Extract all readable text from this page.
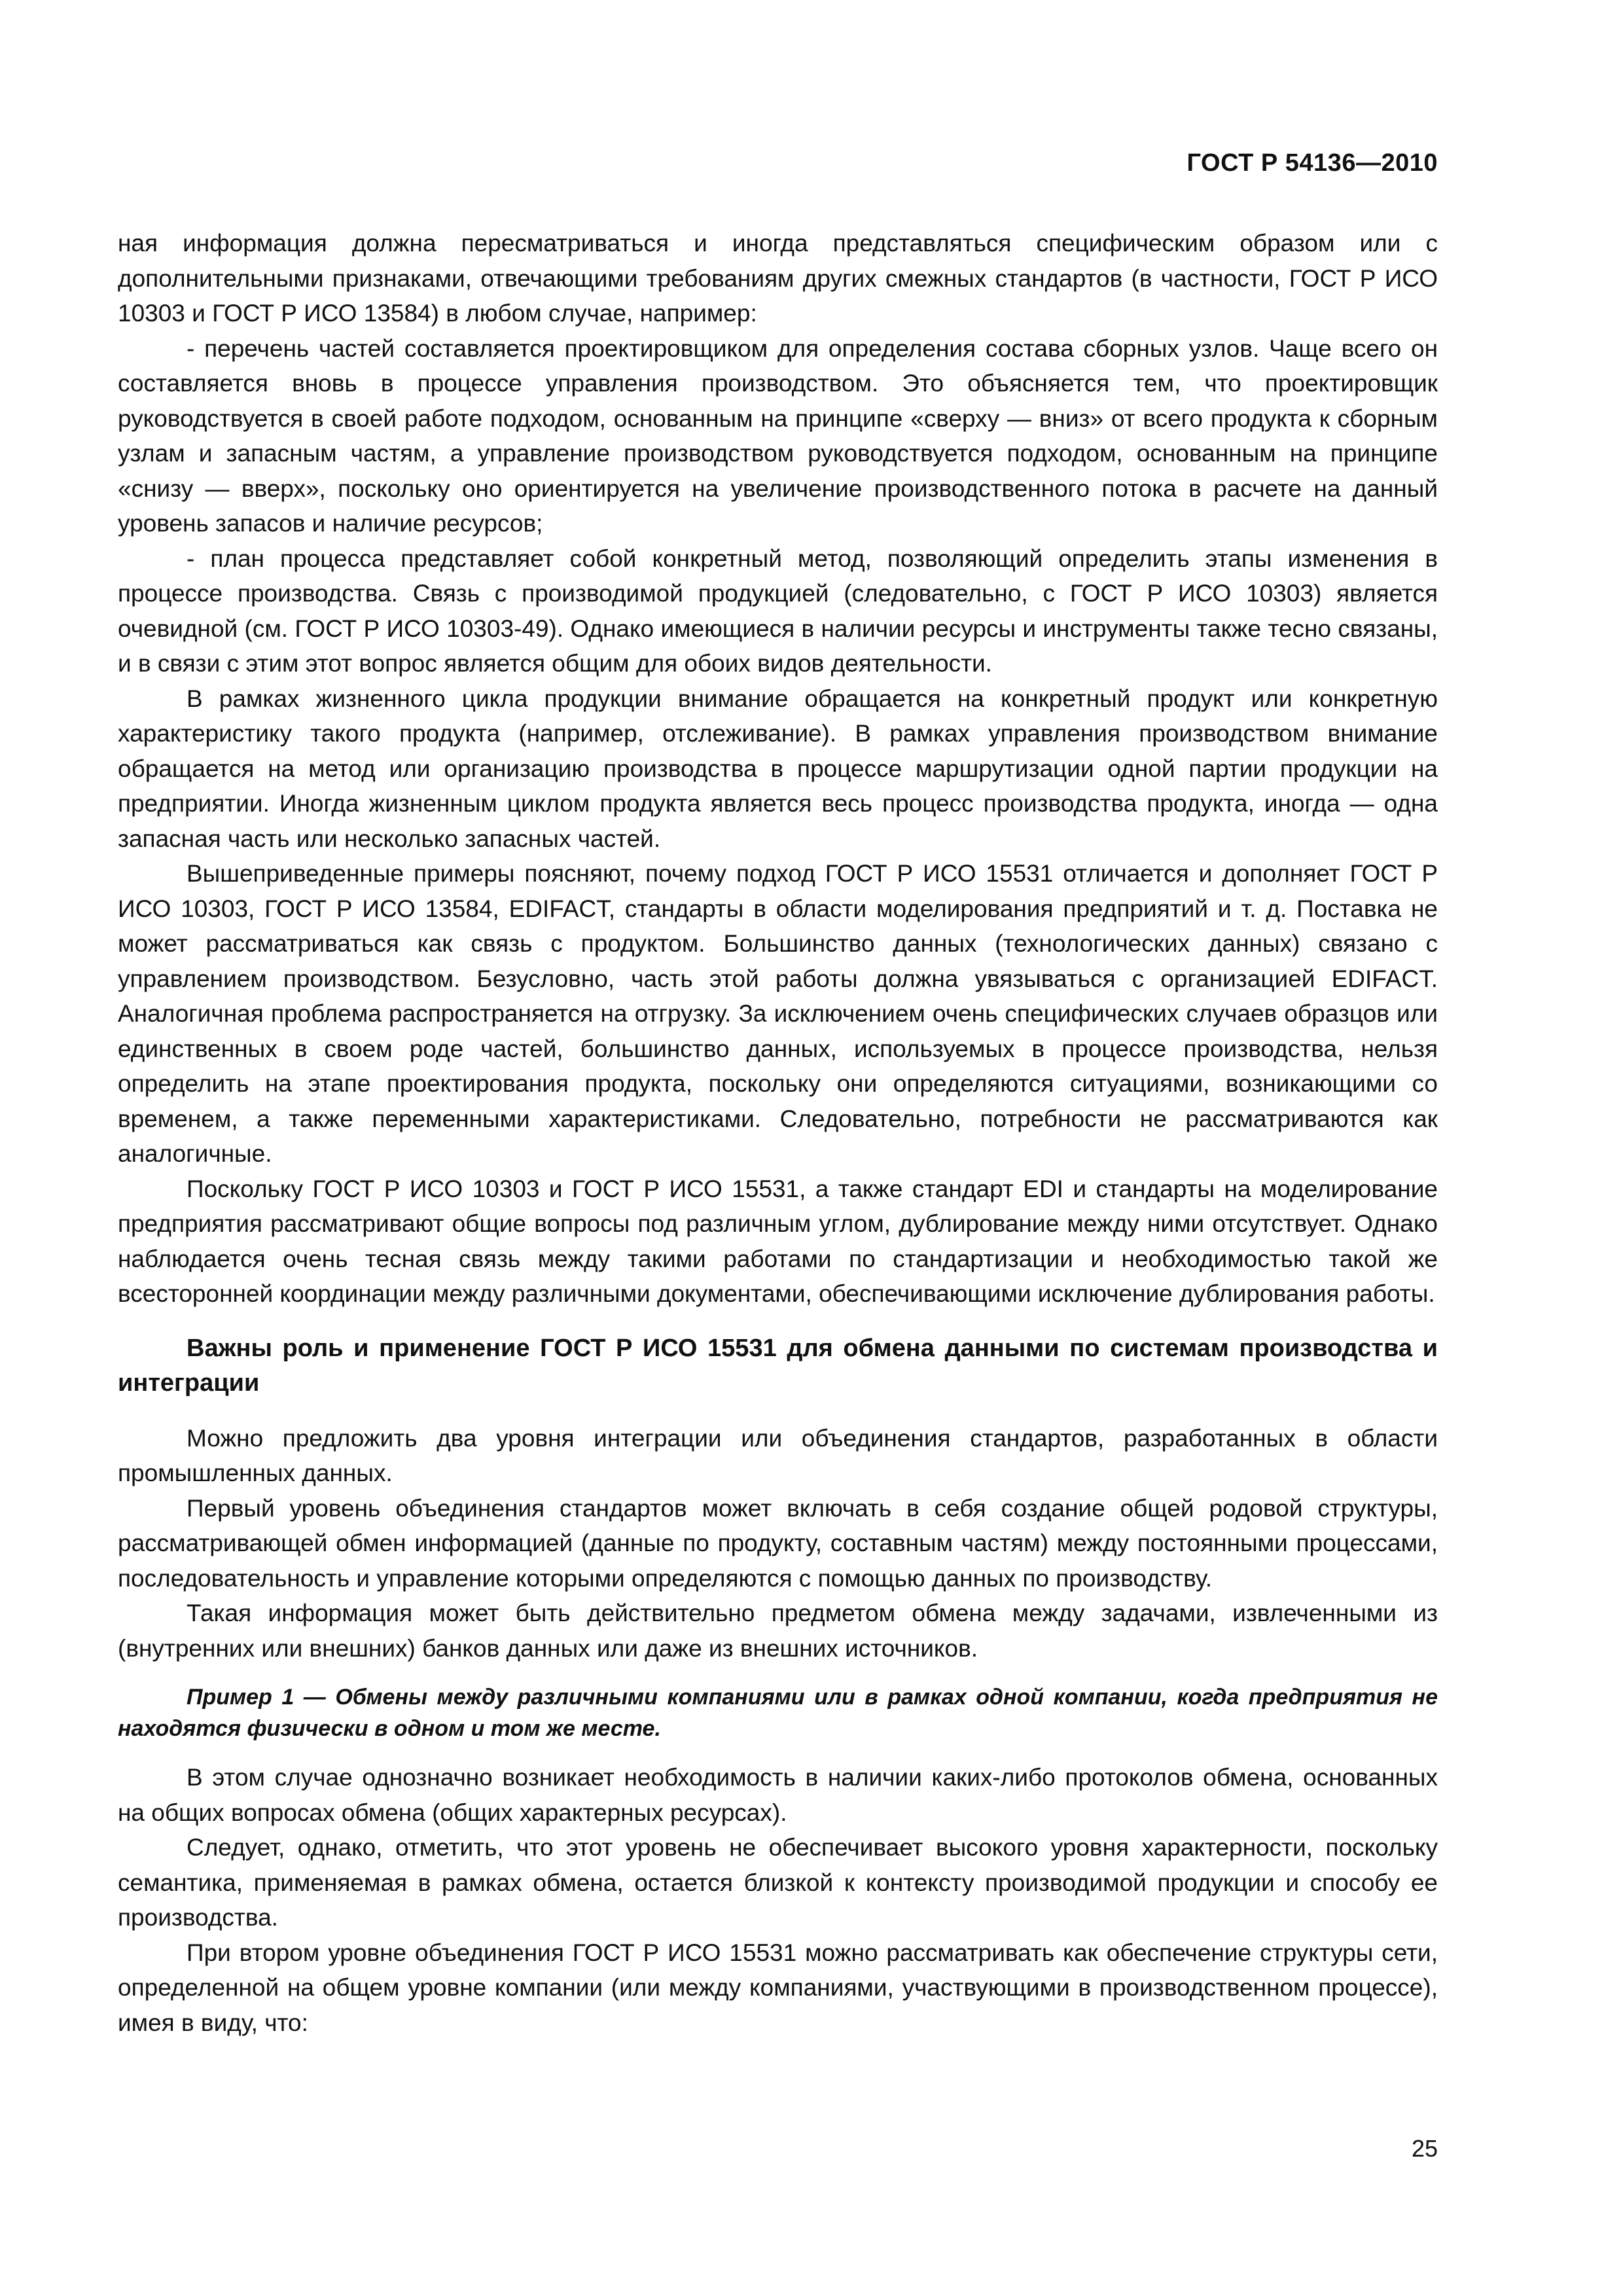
ГОСТ Р 54136—2010

ная информация должна пересматриваться и иногда представляться специфическим образом или с дополнительными признаками, отвечающими требованиям других смежных стандартов (в частности, ГОСТ Р ИСО 10303 и ГОСТ Р ИСО 13584) в любом случае, например:

- перечень частей составляется проектировщиком для определения состава сборных узлов. Чаще всего он составляется вновь в процессе управления производством. Это объясняется тем, что проектировщик руководствуется в своей работе подходом, основанным на принципе «сверху — вниз» от всего продукта к сборным узлам и запасным частям, а управление производством руководствуется подходом, основанным на принципе «снизу — вверх», поскольку оно ориентируется на увеличение производственного потока в расчете на данный уровень запасов и наличие ресурсов;

- план процесса представляет собой конкретный метод, позволяющий определить этапы изменения в процессе производства. Связь с производимой продукцией (следовательно, с ГОСТ Р ИСО 10303) является очевидной (см. ГОСТ Р ИСО 10303-49). Однако имеющиеся в наличии ресурсы и инструменты также тесно связаны, и в связи с этим этот вопрос является общим для обоих видов деятельности.

В рамках жизненного цикла продукции внимание обращается на конкретный продукт или конкретную характеристику такого продукта (например, отслеживание). В рамках управления производством внимание обращается на метод или организацию производства в процессе маршрутизации одной партии продукции на предприятии. Иногда жизненным циклом продукта является весь процесс производства продукта, иногда — одна запасная часть или несколько запасных частей.

Вышеприведенные примеры поясняют, почему подход ГОСТ Р ИСО 15531 отличается и дополняет ГОСТ Р ИСО 10303, ГОСТ Р ИСО 13584, EDIFACT, стандарты в области моделирования предприятий и т. д. Поставка не может рассматриваться как связь с продуктом. Большинство данных (технологических данных) связано с управлением производством. Безусловно, часть этой работы должна увязываться с организацией EDIFACT. Аналогичная проблема распространяется на отгрузку. За исключением очень специфических случаев образцов или единственных в своем роде частей, большинство данных, используемых в процессе производства, нельзя определить на этапе проектирования продукта, поскольку они определяются ситуациями, возникающими со временем, а также переменными характеристиками. Следовательно, потребности не рассматриваются как аналогичные.

Поскольку ГОСТ Р ИСО 10303 и ГОСТ Р ИСО 15531, а также стандарт EDI и стандарты на моделирование предприятия рассматривают общие вопросы под различным углом, дублирование между ними отсутствует. Однако наблюдается очень тесная связь между такими работами по стандартизации и необходимостью такой же всесторонней координации между различными документами, обеспечивающими исключение дублирования работы.

Важны роль и применение ГОСТ Р ИСО 15531 для обмена данными по системам производства и интеграции

Можно предложить два уровня интеграции или объединения стандартов, разработанных в области промышленных данных.

Первый уровень объединения стандартов может включать в себя создание общей родовой структуры, рассматривающей обмен информацией (данные по продукту, составным частям) между постоянными процессами, последовательность и управление которыми определяются с помощью данных по производству.

Такая информация может быть действительно предметом обмена между задачами, извлеченными из (внутренних или внешних) банков данных или даже из внешних источников.

Пример 1 — Обмены между различными компаниями или в рамках одной компании, когда предприятия не находятся физически в одном и том же месте.

В этом случае однозначно возникает необходимость в наличии каких-либо протоколов обмена, основанных на общих вопросах обмена (общих характерных ресурсах).

Следует, однако, отметить, что этот уровень не обеспечивает высокого уровня характерности, поскольку семантика, применяемая в рамках обмена, остается близкой к контексту производимой продукции и способу ее производства.

При втором уровне объединения ГОСТ Р ИСО 15531 можно рассматривать как обеспечение структуры сети, определенной на общем уровне компании (или между компаниями, участвующими в производственном процессе), имея в виду, что:

25
